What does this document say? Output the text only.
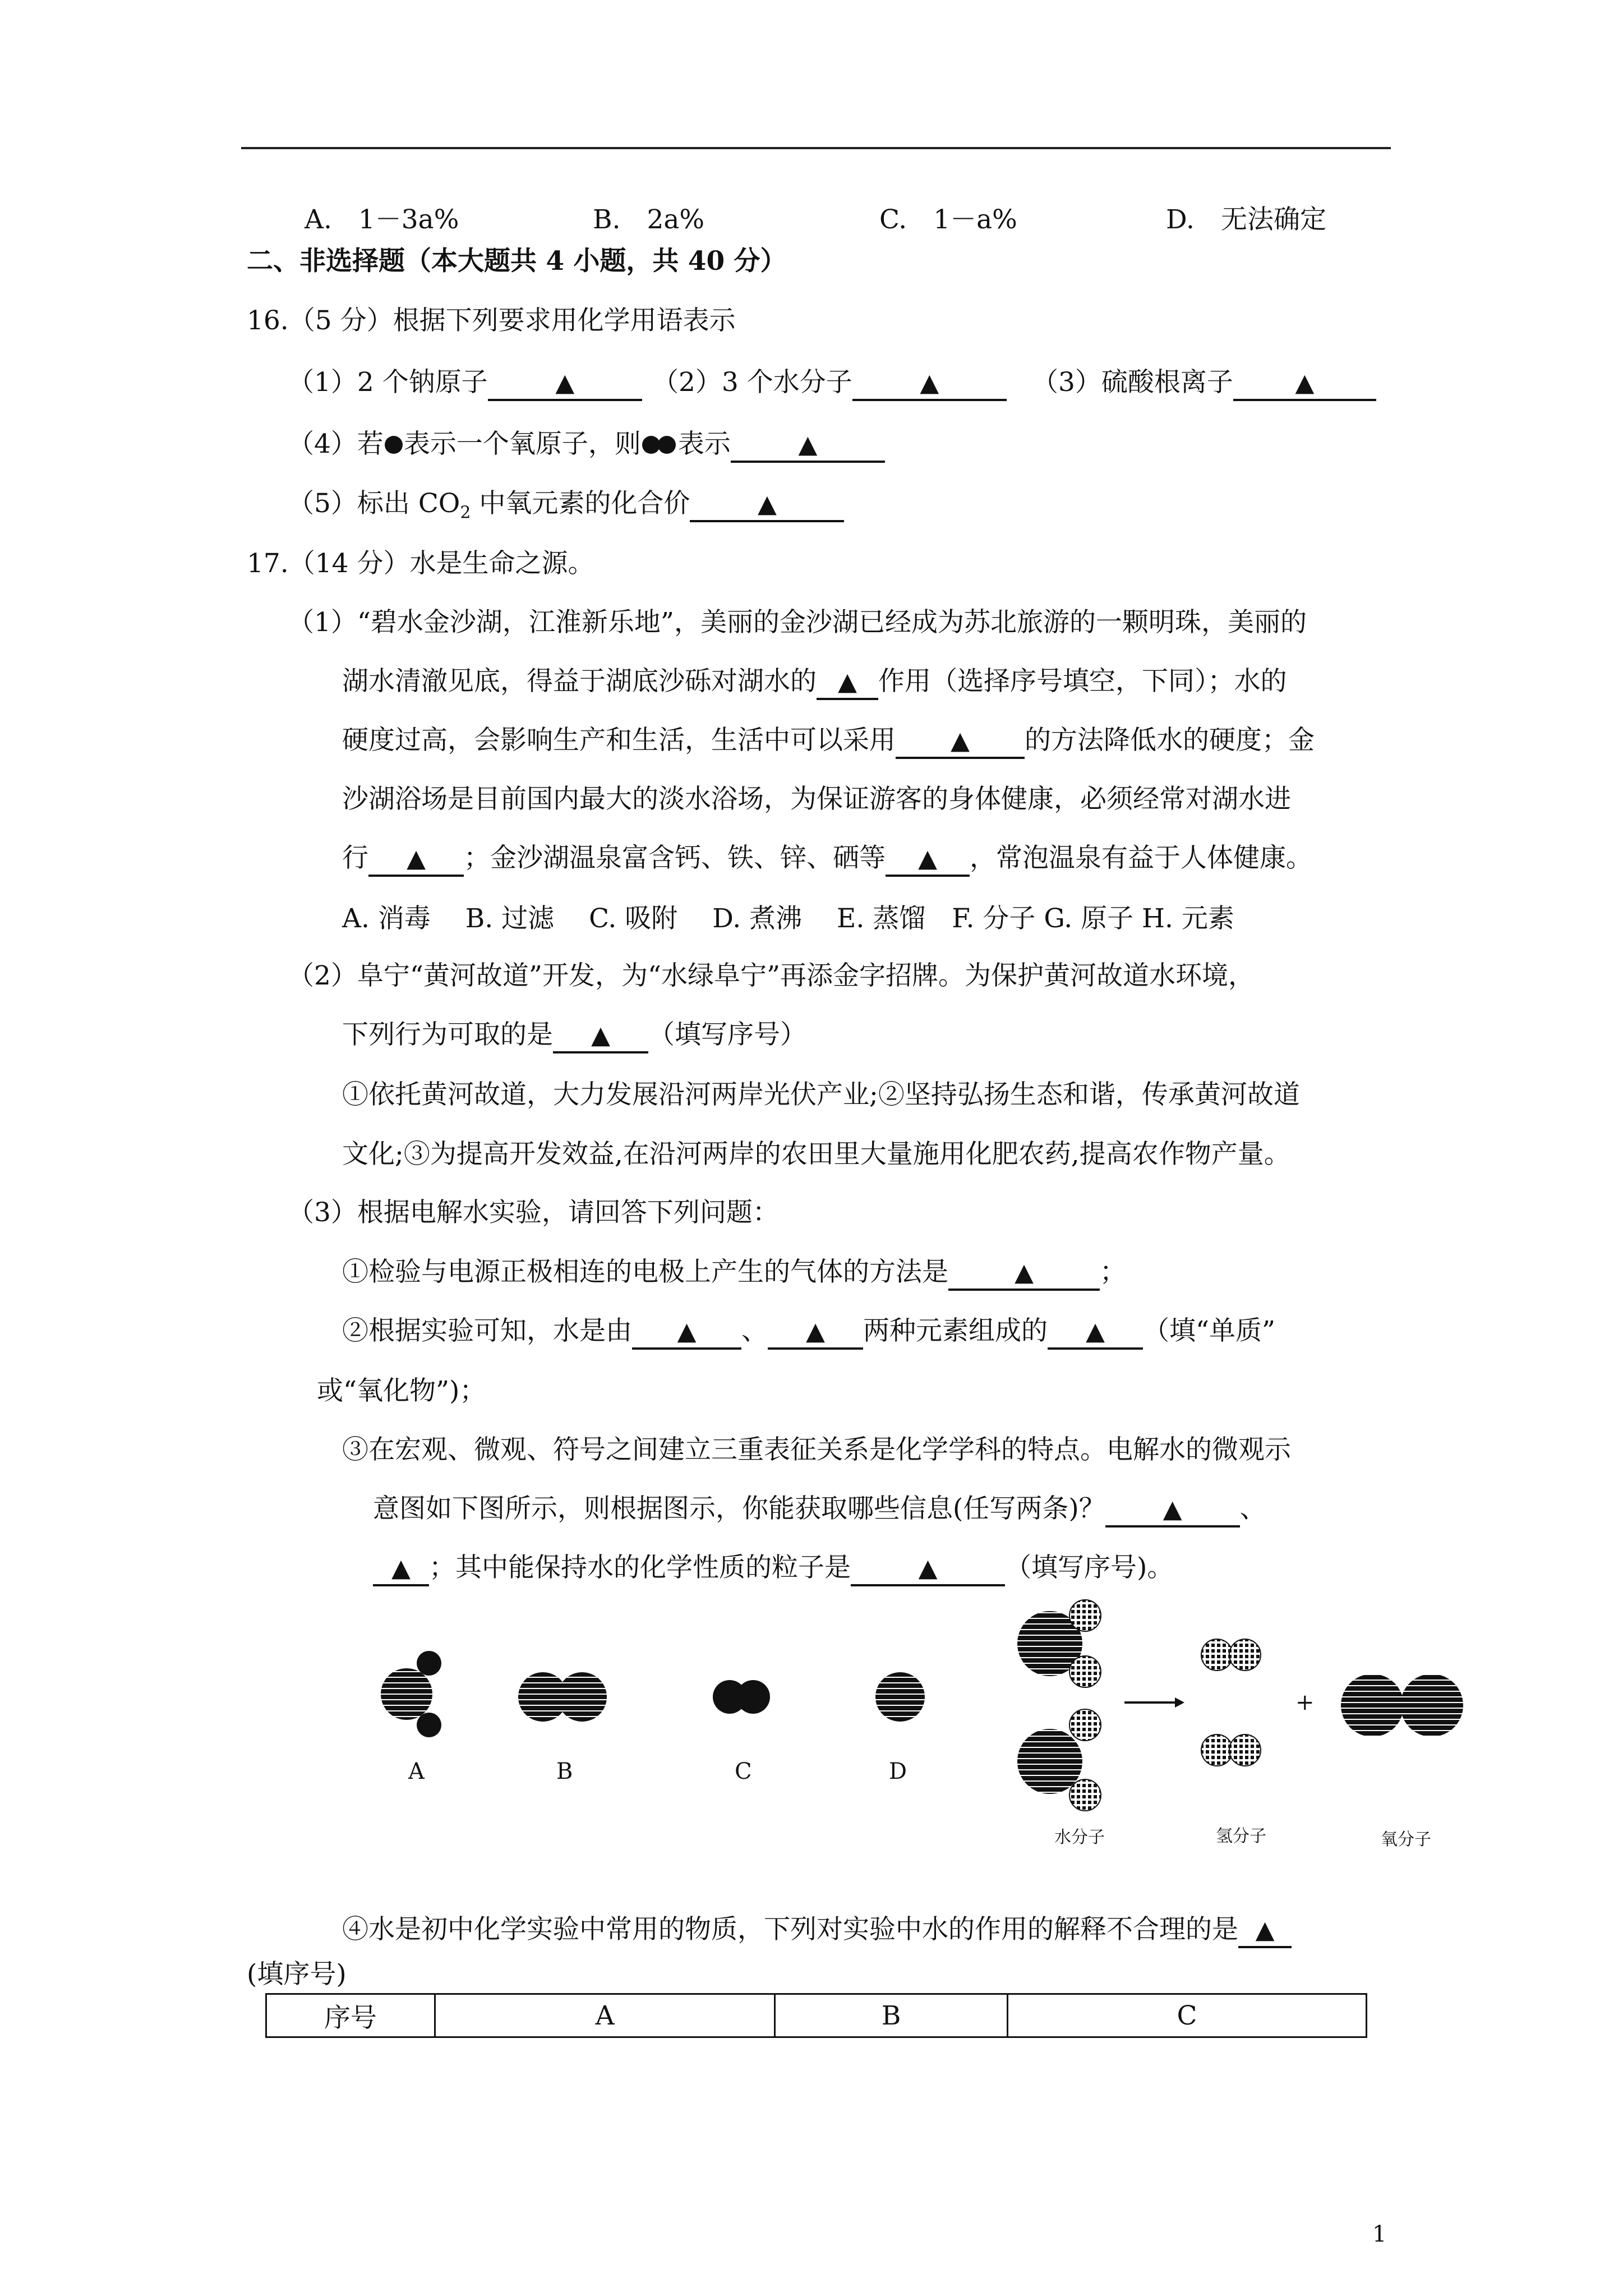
A.　1－3a%	B.　2a%	C.　1－a%	D.　无法确定
二、非选择题（本大题共 4 小题，共 40 分）
16.（5 分）根据下列要求用化学用语表示
（1）2 个钠原子	▲	（2）3 个水分子	▲	（3）硫酸根离子	▲
（4）若 表示一个氧原子，则 表示	▲
（5）标出 $CO_2$ 中氧元素的化合价	▲
17.（14 分）水是生命之源。
（1）“碧水金沙湖，江淮新乐地”，美丽的金沙湖已经成为苏北旅游的一颗明珠，美丽的
湖水清澈见底，得益于湖底沙砾对湖水的 ▲ 作用（选择序号填空，下同）；水的
硬度过高，会影响生产和生活，生活中可以采用 ▲ 的方法降低水的硬度；金
沙湖浴场是目前国内最大的淡水浴场，为保证游客的身体健康，必须经常对湖水进
行 ▲ ；金沙湖温泉富含钙、铁、锌、硒等 ▲ ，常泡温泉有益于人体健康。
A. 消毒　 B. 过滤　 C. 吸附　 D. 煮沸　 E. 蒸馏　F. 分子 G. 原子 H. 元素
（2）阜宁“黄河故道”开发，为“水绿阜宁”再添金字招牌。为保护黄河故道水环境，
下列行为可取的是 ▲ （填写序号）
①依托黄河故道，大力发展沿河两岸光伏产业;②坚持弘扬生态和谐，传承黄河故道
文化;③为提高开发效益,在沿河两岸的农田里大量施用化肥农药,提高农作物产量。
（3）根据电解水实验，请回答下列问题：
①检验与电源正极相连的电极上产生的气体的方法是	▲	；
②根据实验可知，水是由 ▲ 、 ▲ 两种元素组成的 ▲ （填“单质”
或“氧化物”)；
③在宏观、微观、符号之间建立三重表征关系是化学学科的特点。电解水的微观示
意图如下图所示，则根据图示，你能获取哪些信息(任写两条)？ ▲ 、
▲ ；其中能保持水的化学性质的粒子是	▲	（填写序号)。
A	B	C	D
+
水分子	氢分子	氧分子
④水是初中化学实验中常用的物质，下列对实验中水的作用的解释不合理的是 ▲
(填序号)
序号	A	B	C
1
